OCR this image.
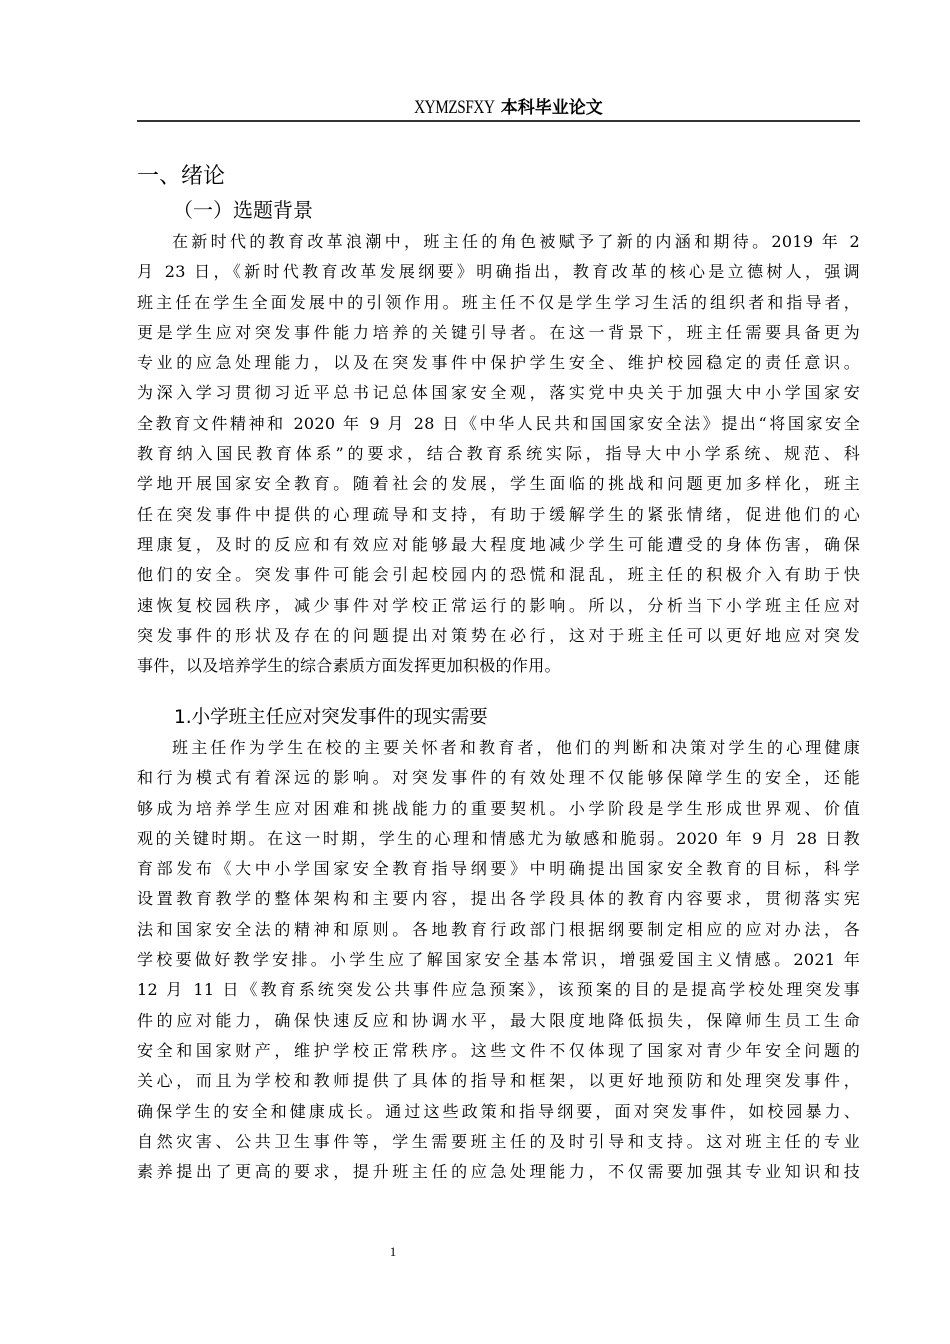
XYMZSFXY 本科毕业论文
一、绪论
（一）选题背景
在新时代的教育改革浪潮中，班主任的角色被赋予了新的内涵和期待。2019 年 2
月 23 日，《新时代教育改革发展纲要》明确指出，教育改革的核心是立德树人，强调
班主任在学生全面发展中的引领作用。班主任不仅是学生学习生活的组织者和指导者，
更是学生应对突发事件能力培养的关键引导者。在这一背景下，班主任需要具备更为
专业的应急处理能力，以及在突发事件中保护学生安全、维护校园稳定的责任意识。
为深入学习贯彻习近平总书记总体国家安全观，落实党中央关于加强大中小学国家安
全教育文件精神和 2020 年 9 月 28 日《中华人民共和国国家安全法》提出“将国家安全
教育纳入国民教育体系”的要求，结合教育系统实际，指导大中小学系统、规范、科
学地开展国家安全教育。随着社会的发展，学生面临的挑战和问题更加多样化，班主
任在突发事件中提供的心理疏导和支持，有助于缓解学生的紧张情绪，促进他们的心
理康复，及时的反应和有效应对能够最大程度地减少学生可能遭受的身体伤害，确保
他们的安全。突发事件可能会引起校园内的恐慌和混乱，班主任的积极介入有助于快
速恢复校园秩序，减少事件对学校正常运行的影响。所以，分析当下小学班主任应对
突发事件的形状及存在的问题提出对策势在必行，这对于班主任可以更好地应对突发
事件，以及培养学生的综合素质方面发挥更加积极的作用。
1.小学班主任应对突发事件的现实需要
班主任作为学生在校的主要关怀者和教育者，他们的判断和决策对学生的心理健康
和行为模式有着深远的影响。对突发事件的有效处理不仅能够保障学生的安全，还能
够成为培养学生应对困难和挑战能力的重要契机。小学阶段是学生形成世界观、价值
观的关键时期。在这一时期，学生的心理和情感尤为敏感和脆弱。2020 年 9 月 28 日教
育部发布《大中小学国家安全教育指导纲要》中明确提出国家安全教育的目标，科学
设置教育教学的整体架构和主要内容，提出各学段具体的教育内容要求，贯彻落实宪
法和国家安全法的精神和原则。各地教育行政部门根据纲要制定相应的应对办法，各
学校要做好教学安排。小学生应了解国家安全基本常识，增强爱国主义情感。2021 年
12 月 11 日《教育系统突发公共事件应急预案》，该预案的目的是提高学校处理突发事
件的应对能力，确保快速反应和协调水平，最大限度地降低损失，保障师生员工生命
安全和国家财产，维护学校正常秩序。这些文件不仅体现了国家对青少年安全问题的
关心，而且为学校和教师提供了具体的指导和框架，以更好地预防和处理突发事件，
确保学生的安全和健康成长。通过这些政策和指导纲要，面对突发事件，如校园暴力、
自然灾害、公共卫生事件等，学生需要班主任的及时引导和支持。这对班主任的专业
素养提出了更高的要求，提升班主任的应急处理能力，不仅需要加强其专业知识和技
1
